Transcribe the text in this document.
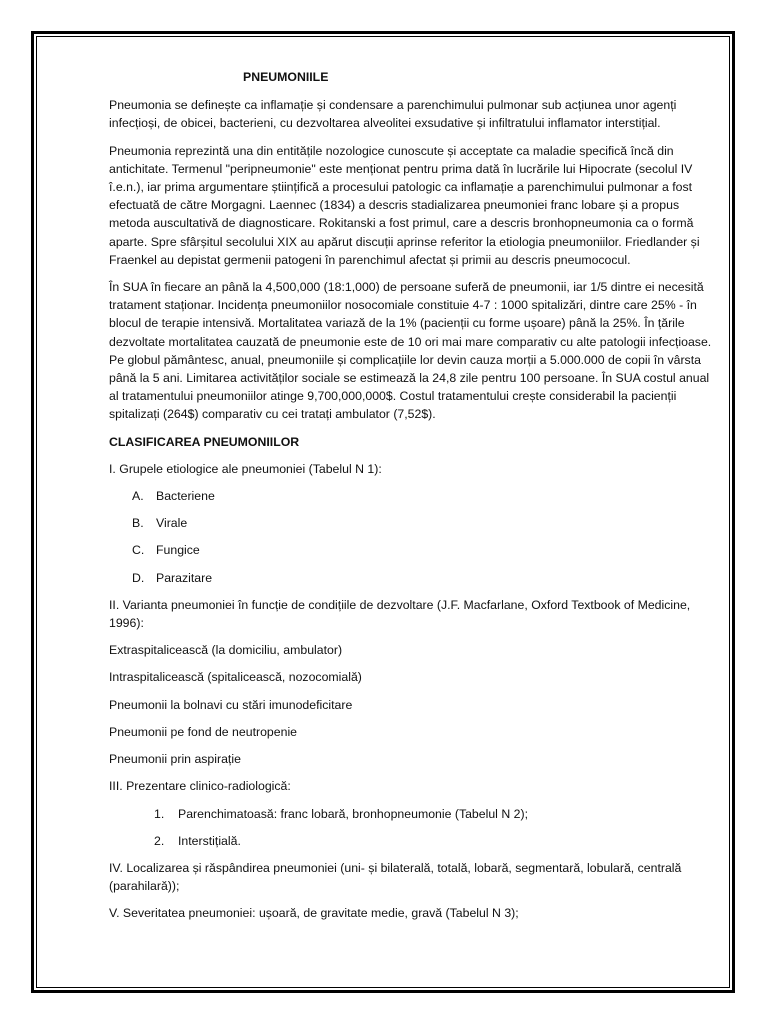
PNEUMONIILE

Pneumonia se definește ca inflamație și condensare a parenchimului pulmonar sub acțiunea unor agenți infecțioși, de obicei, bacterieni, cu dezvoltarea alveolitei exsudative și infiltratului inflamator interstițial.

Pneumonia reprezintă una din entitățile nozologice cunoscute și acceptate ca maladie specifică încă din antichitate. Termenul "peripneumonie" este menționat pentru prima dată în lucrările lui Hipocrate (secolul IV î.e.n.), iar prima argumentare științifică a procesului patologic ca inflamație a parenchimului pulmonar a fost efectuată de către Morgagni. Laennec (1834) a descris stadializarea pneumoniei franc lobare și a propus metoda auscultativă de diagnosticare. Rokitanski a fost primul, care a descris bronhopneumonia ca o formă aparte. Spre sfârșitul secolului XIX au apărut discuții aprinse referitor la etiologia pneumoniilor. Friedlander și Fraenkel au depistat germenii patogeni în parenchimul afectat și primii au descris pneumococul.

În SUA în fiecare an până la 4,500,000 (18:1,000) de persoane suferă de pneumonii, iar 1/5 dintre ei necesită tratament staționar. Incidența pneumoniilor nosocomiale constituie 4-7 : 1000 spitalizări, dintre care 25% - în blocul de terapie intensivă. Mortalitatea variază de la 1% (pacienții cu forme ușoare) până la 25%. În țările dezvoltate mortalitatea cauzată de pneumonie este de 10 ori mai mare comparativ cu alte patologii infecțioase. Pe globul pământesc, anual, pneumoniile și complicațiile lor devin cauza morții a 5.000.000 de copii în vârsta până la 5 ani. Limitarea activităților sociale se estimează la 24,8 zile pentru 100 persoane. În SUA costul anual al tratamentului pneumoniilor atinge 9,700,000,000$. Costul tratamentului crește considerabil la pacienții spitalizați (264$) comparativ cu cei tratați ambulator (7,52$).

CLASIFICAREA PNEUMONIILOR

I. Grupele etiologice ale pneumoniei (Tabelul N 1):

A.	Bacteriene
B.	Virale
C. Fungice
D. Parazitare

II. Varianta pneumoniei în funcție de condițiile de dezvoltare (J.F. Macfarlane, Oxford Textbook of Medicine, 1996):

Extraspitalicească (la domiciliu, ambulator)

Intraspitalicească (spitalicească, nozocomială)

Pneumonii la bolnavi cu stări imunodeficitare

Pneumonii pe fond de neutropenie

Pneumonii prin aspirație

III. Prezentare clinico-radiologică:

1.	Parenchimatoasă: franc lobară, bronhopneumonie (Tabelul N 2);
2.	Interstițială.

IV. Localizarea și răspândirea pneumoniei (uni- și bilaterală, totală, lobară, segmentară, lobulară, centrală (parahilară));

V. Severitatea pneumoniei: ușoară, de gravitate medie, gravă (Tabelul N 3);
